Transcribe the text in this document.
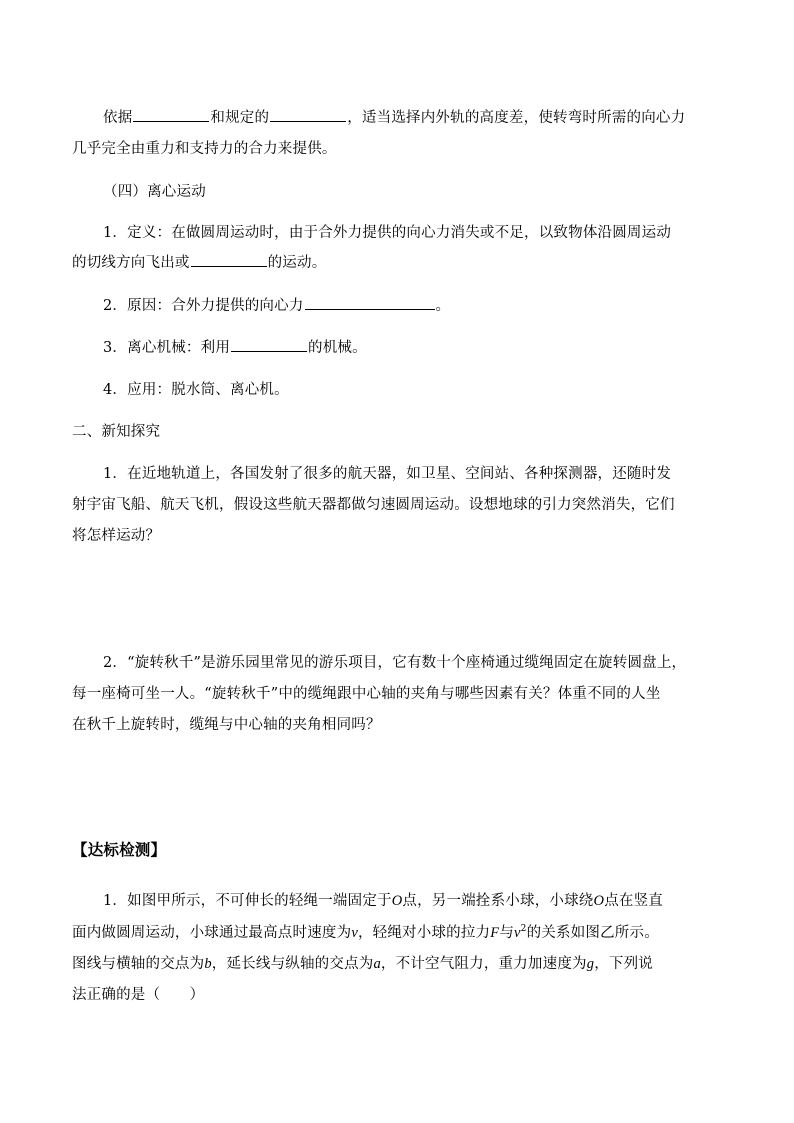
依据	和规定的	，适当选择内外轨的高度差，使转弯时所需的向心力
几乎完全由重力和支持力的合力来提供。
（四）离心运动
1．定义：在做圆周运动时，由于合外力提供的向心力消失或不足，以致物体沿圆周运动
的切线方向飞出或	的运动。
2．原因：合外力提供的向心力	。
3．离心机械：利用	的机械。
4．应用：脱水筒、离心机。
二、新知探究
1．在近地轨道上，各国发射了很多的航天器，如卫星、空间站、各种探测器，还随时发
射宇宙飞船、航天飞机，假设这些航天器都做匀速圆周运动。设想地球的引力突然消失，它们
将怎样运动？
2．“旋转秋千”是游乐园里常见的游乐项目，它有数十个座椅通过缆绳固定在旋转圆盘上，
每一座椅可坐一人。“旋转秋千”中的缆绳跟中心轴的夹角与哪些因素有关？体重不同的人坐
在秋千上旋转时，缆绳与中心轴的夹角相同吗？
【达标检测】
1．如图甲所示，不可伸长的轻绳一端固定于O点，另一端拴系小球，小球绕O点在竖直
面内做圆周运动，小球通过最高点时速度为v，轻绳对小球的拉力F与$v^2$的关系如图乙所示。
图线与横轴的交点为b，延长线与纵轴的交点为a，不计空气阻力，重力加速度为g，下列说
法正确的是（　　）
